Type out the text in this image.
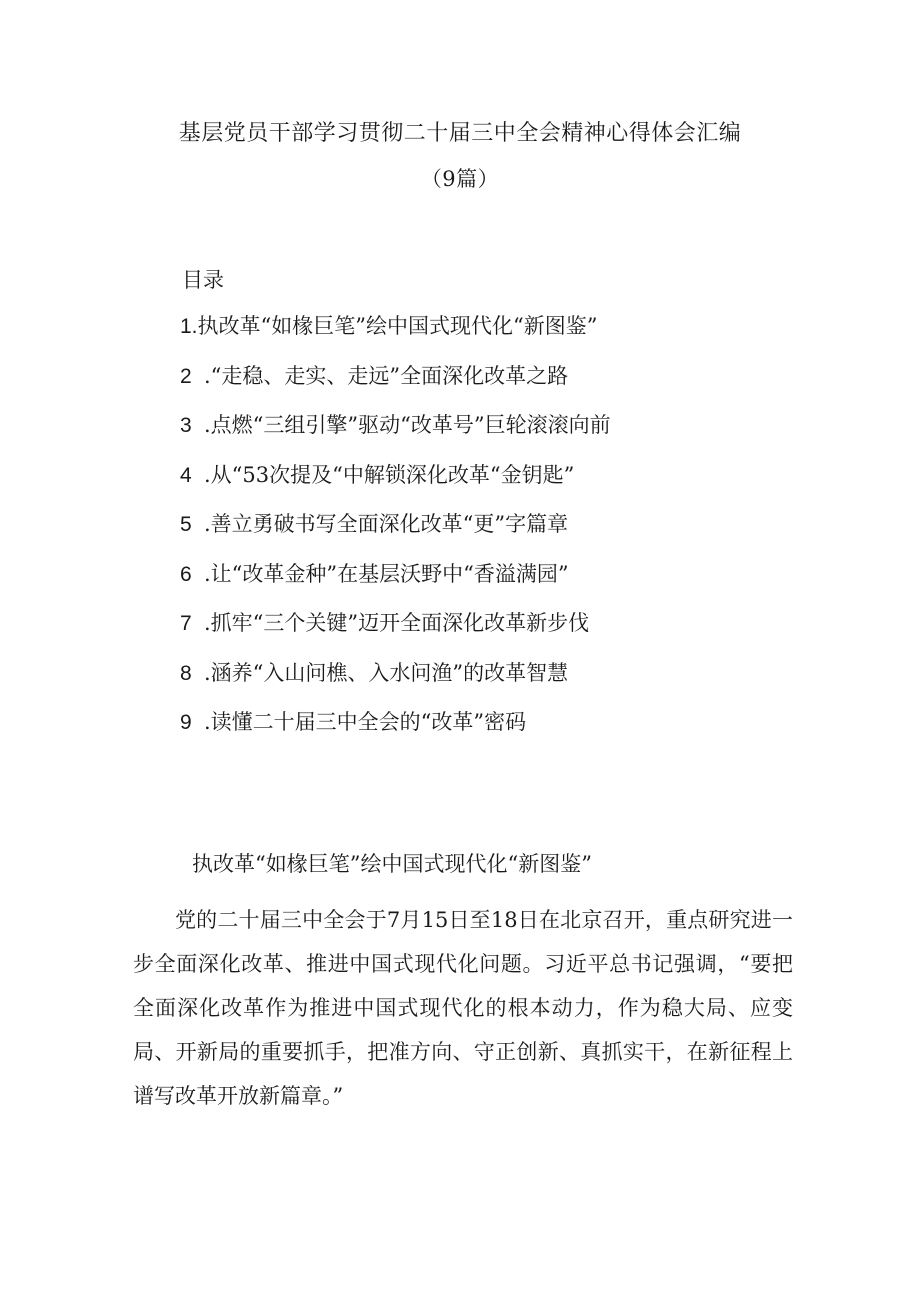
基层党员干部学习贯彻二十届三中全会精神心得体会汇编
（9篇）
目录
1.执改革“如椽巨笔”绘中国式现代化“新图鉴”
2 .“走稳、走实、走远”全面深化改革之路
3 .点燃“三组引擎”驱动“改革号”巨轮滚滚向前
4 .从“53次提及“中解锁深化改革“金钥匙”
5 .善立勇破书写全面深化改革“更”字篇章
6 .让“改革金种”在基层沃野中“香溢满园”
7 .抓牢“三个关键”迈开全面深化改革新步伐
8 .涵养“入山问樵、入水问渔”的改革智慧
9 .读懂二十届三中全会的“改革”密码
执改革“如椽巨笔”绘中国式现代化“新图鉴”

党的二十届三中全会于7月15日至18日在北京召开，重点研究进一步全面深化改革、推进中国式现代化问题。习近平总书记强调，“要把全面深化改革作为推进中国式现代化的根本动力，作为稳大局、应变局、开新局的重要抓手，把准方向、守正创新、真抓实干，在新征程上谱写改革开放新篇章。”
